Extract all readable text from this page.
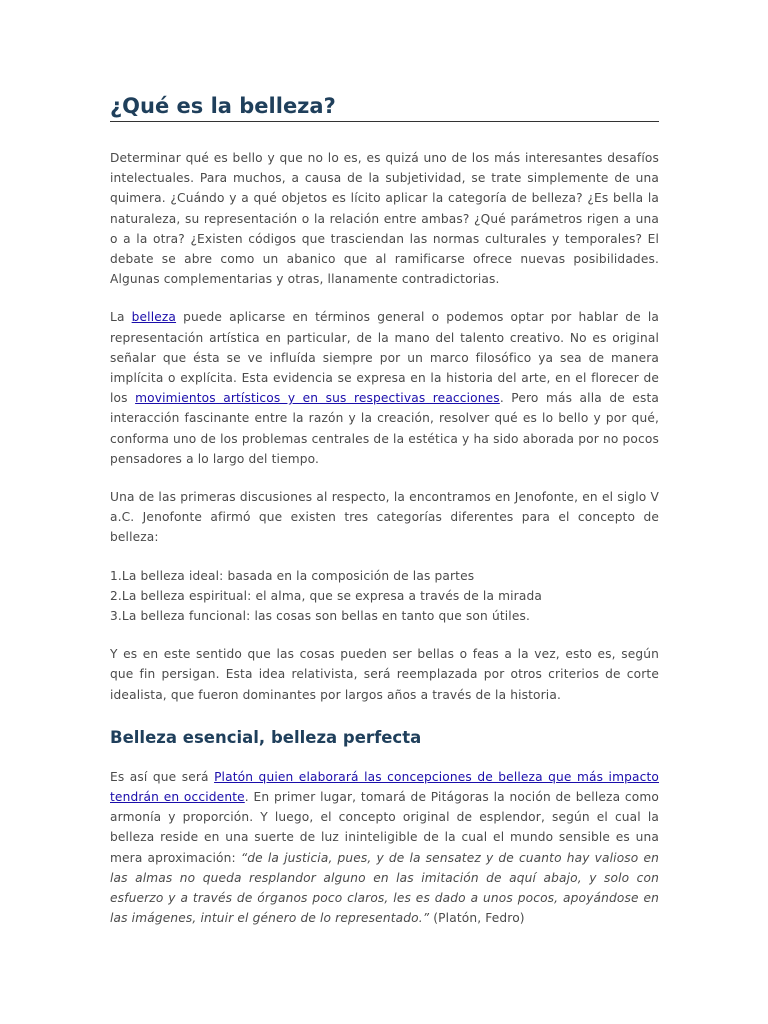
¿Qué es la belleza?

Determinar qué es bello y que no lo es, es quizá uno de los más interesantes desafíos intelectuales. Para muchos, a causa de la subjetividad, se trate simplemente de una quimera. ¿Cuándo y a qué objetos es lícito aplicar la categoría de belleza? ¿Es bella la naturaleza, su representación o la relación entre ambas? ¿Qué parámetros rigen a una o a la otra? ¿Existen códigos que trasciendan las normas culturales y temporales? El debate se abre como un abanico que al ramificarse ofrece nuevas posibilidades. Algunas complementarias y otras, llanamente contradictorias.

La belleza puede aplicarse en términos general o podemos optar por hablar de la representación artística en particular, de la mano del talento creativo. No es original señalar que ésta se ve influída siempre por un marco filosófico ya sea de manera implícita o explícita. Esta evidencia se expresa en la historia del arte, en el florecer de los movimientos artísticos y en sus respectivas reacciones. Pero más alla de esta interacción fascinante entre la razón y la creación, resolver qué es lo bello y por qué, conforma uno de los problemas centrales de la estética y ha sido aborada por no pocos pensadores a lo largo del tiempo.

Una de las primeras discusiones al respecto, la encontramos en Jenofonte, en el siglo V a.C. Jenofonte afirmó que existen tres categorías diferentes para el concepto de belleza:

1.La belleza ideal: basada en la composición de las partes
2.La belleza espiritual: el alma, que se expresa a través de la mirada
3.La belleza funcional: las cosas son bellas en tanto que son útiles.

Y es en este sentido que las cosas pueden ser bellas o feas a la vez, esto es, según que fin persigan. Esta idea relativista, será reemplazada por otros criterios de corte idealista, que fueron dominantes por largos años a través de la historia.

Belleza esencial, belleza perfecta

Es así que será Platón quien elaborará las concepciones de belleza que más impacto tendrán en occidente. En primer lugar, tomará de Pitágoras la noción de belleza como armonía y proporción. Y luego, el concepto original de esplendor, según el cual la belleza reside en una suerte de luz ininteligible de la cual el mundo sensible es una mera aproximación: “de la justicia, pues, y de la sensatez y de cuanto hay valioso en las almas no queda resplandor alguno en las imitación de aquí abajo, y solo con esfuerzo y a través de órganos poco claros, les es dado a unos pocos, apoyándose en las imágenes, intuir el género de lo representado.” (Platón, Fedro)
